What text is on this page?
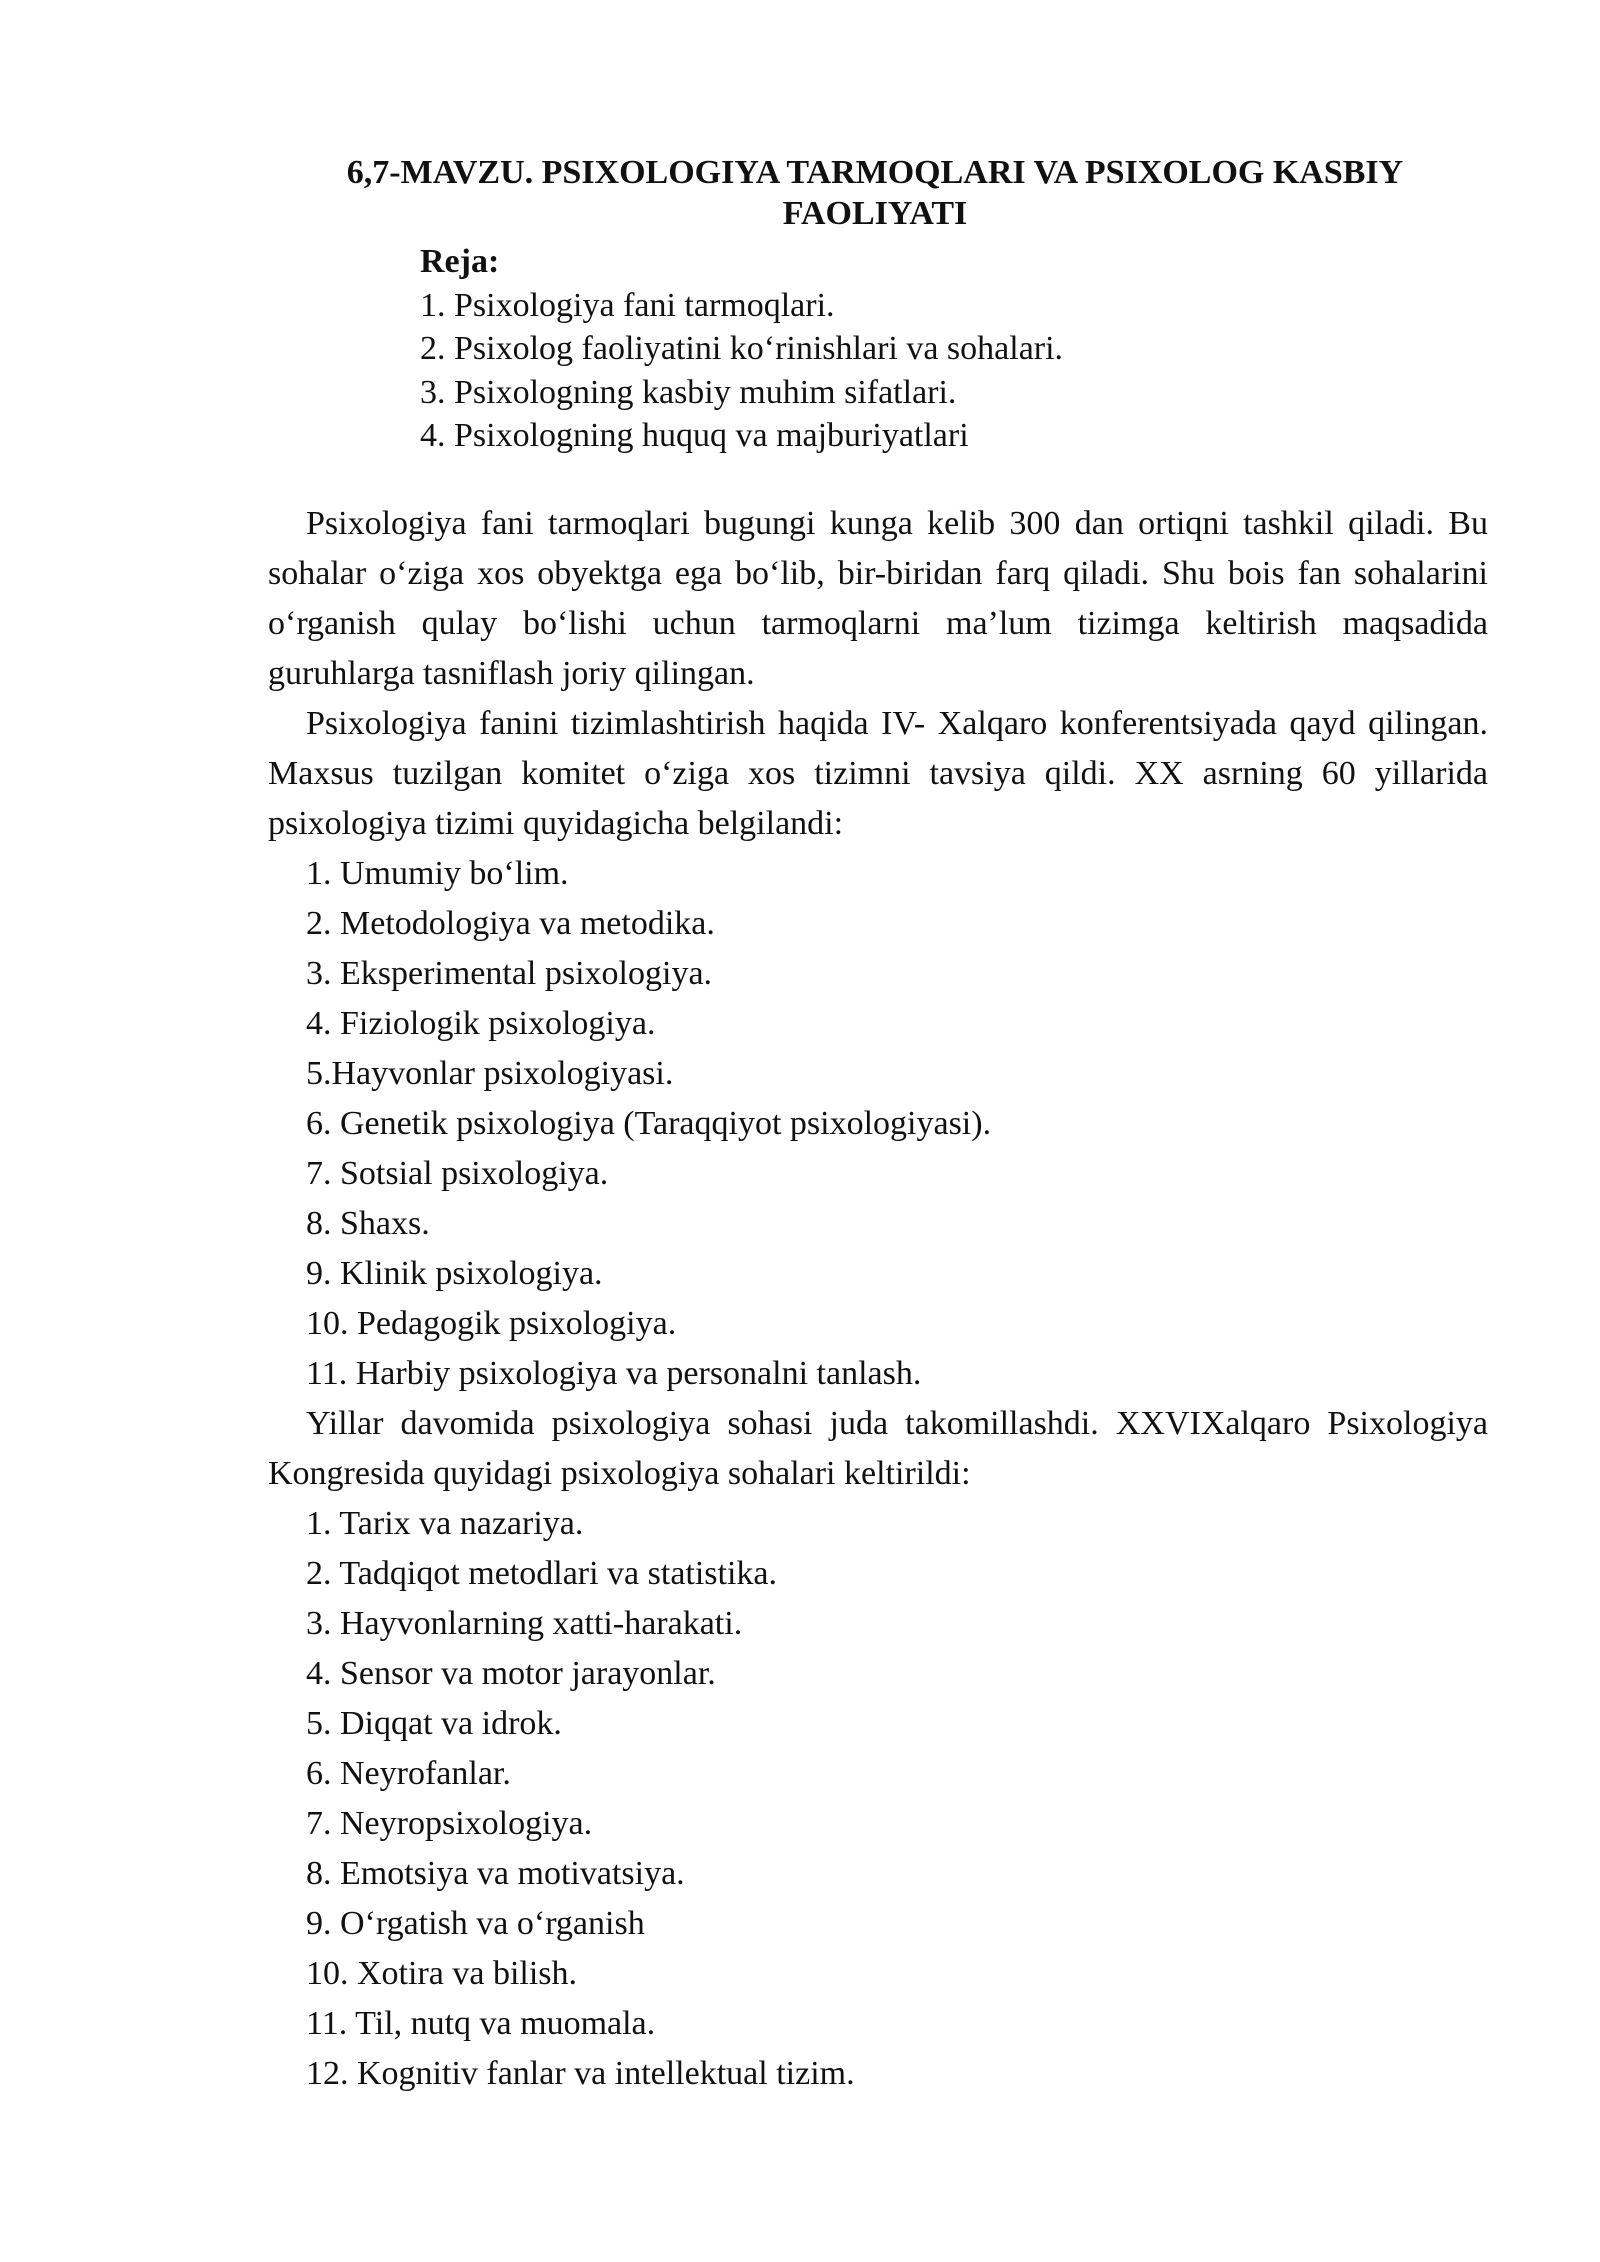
6,7-MAVZU. PSIXOLOGIYA TARMOQLARI VA PSIXOLOG KASBIY FAOLIYATI
Reja:
1. Psixologiya fani tarmoqlari.
2. Psixolog faoliyatini ko‘rinishlari va sohalari.
3. Psixologning kasbiy muhim sifatlari.
4. Psixologning huquq va majburiyatlari

Psixologiya fani tarmoqlari bugungi kunga kelib 300 dan ortiqni tashkil qiladi. Bu sohalar o‘ziga xos obyektga ega bo‘lib, bir-biridan farq qiladi. Shu bois fan sohalarini o‘rganish qulay bo‘lishi uchun tarmoqlarni ma’lum tizimga keltirish maqsadida guruhlarga tasniflash joriy qilingan.

Psixologiya fanini tizimlashtirish haqida IV- Xalqaro konferentsiyada qayd qilingan. Maxsus tuzilgan komitet o‘ziga xos tizimni tavsiya qildi. XX asrning 60 yillarida psixologiya tizimi quyidagicha belgilandi:

1. Umumiy bo‘lim.
2. Metodologiya va metodika.
3. Eksperimental psixologiya.
4. Fiziologik psixologiya.
5.Hayvonlar psixologiyasi.
6. Genetik psixologiya (Taraqqiyot psixologiyasi).
7. Sotsial psixologiya.
8. Shaxs.
9. Klinik psixologiya.
10. Pedagogik psixologiya.
11. Harbiy psixologiya va personalni tanlash.

Yillar davomida psixologiya sohasi juda takomillashdi. XXVIXalqaro Psixologiya Kongresida quyidagi psixologiya sohalari keltirildi:

1. Tarix va nazariya.
2. Tadqiqot metodlari va statistika.
3. Hayvonlarning xatti-harakati.
4. Sensor va motor jarayonlar.
5. Diqqat va idrok.
6. Neyrofanlar.
7. Neyropsixologiya.
8. Emotsiya va motivatsiya.
9. O‘rgatish va o‘rganish
10. Xotira va bilish.
11. Til, nutq va muomala.
12. Kognitiv fanlar va intellektual tizim.
